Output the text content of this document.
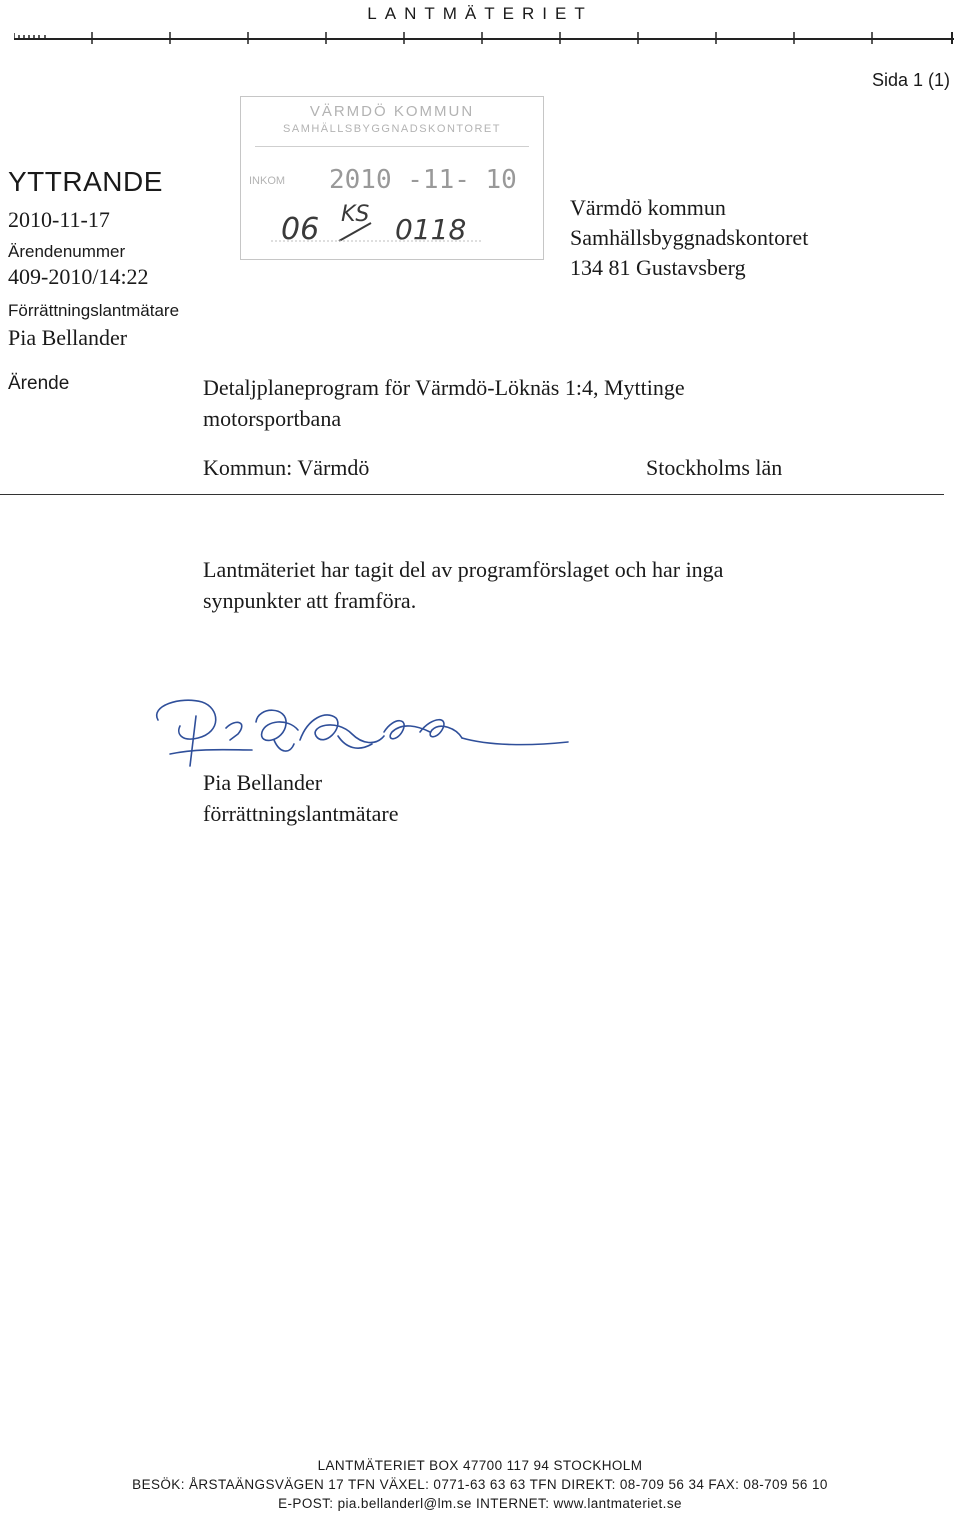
LANTMÄTERIET
Sida 1 (1)
YTTRANDE
2010-11-17
Ärendenummer
409-2010/14:22
Förrättningslantmätare
Pia Bellander
VÄRMDÖ KOMMUN
SAMHÄLLSBYGGNADSKONTORET
INKOM 2010 -11- 10
06 KS 0118
Värmdö kommun
Samhällsbyggnadskontoret
134 81 Gustavsberg
Ärende	Detaljplaneprogram för Värmdö-Löknäs 1:4, Myttinge
motorsportbana
Kommun: Värmdö	Stockholms län
Lantmäteriet har tagit del av programförslaget och har inga
synpunkter att framföra.
Pia Bellander
förrättningslantmätare
LANTMÄTERIET BOX 47700 117 94 STOCKHOLM
BESÖK: ÅRSTAÄNGSVÄGEN 17 TFN VÄXEL: 0771-63 63 63 TFN DIREKT: 08-709 56 34 FAX: 08-709 56 10
E-POST: pia.bellanderl@lm.se INTERNET: www.lantmateriet.se
